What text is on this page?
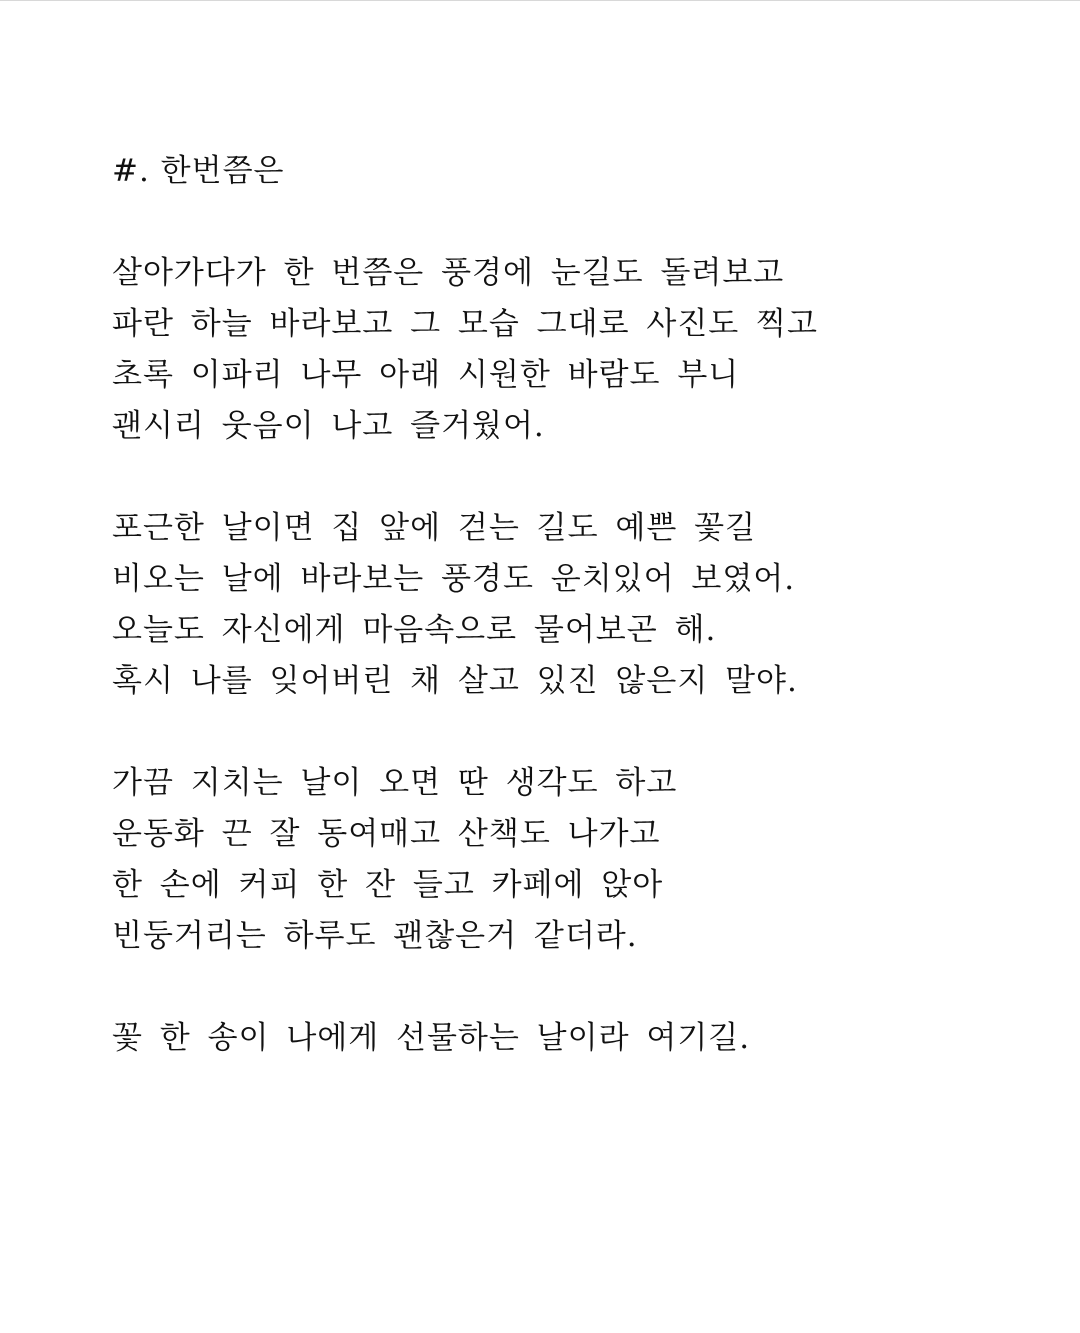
#. 한번쯤은
살아가다가 한 번쯤은 풍경에 눈길도 돌려보고
파란 하늘 바라보고 그 모습 그대로 사진도 찍고
초록 이파리 나무 아래 시원한 바람도 부니
괜시리 웃음이 나고 즐거웠어.
포근한 날이면 집 앞에 걷는 길도 예쁜 꽃길
비오는 날에 바라보는 풍경도 운치있어 보였어.
오늘도 자신에게 마음속으로 물어보곤 해.
혹시 나를 잊어버린 채 살고 있진 않은지 말야.
가끔 지치는 날이 오면 딴 생각도 하고
운동화 끈 잘 동여매고 산책도 나가고
한 손에 커피 한 잔 들고 카페에 앉아
빈둥거리는 하루도 괜찮은거 같더라.
꽃 한 송이 나에게 선물하는 날이라 여기길.
